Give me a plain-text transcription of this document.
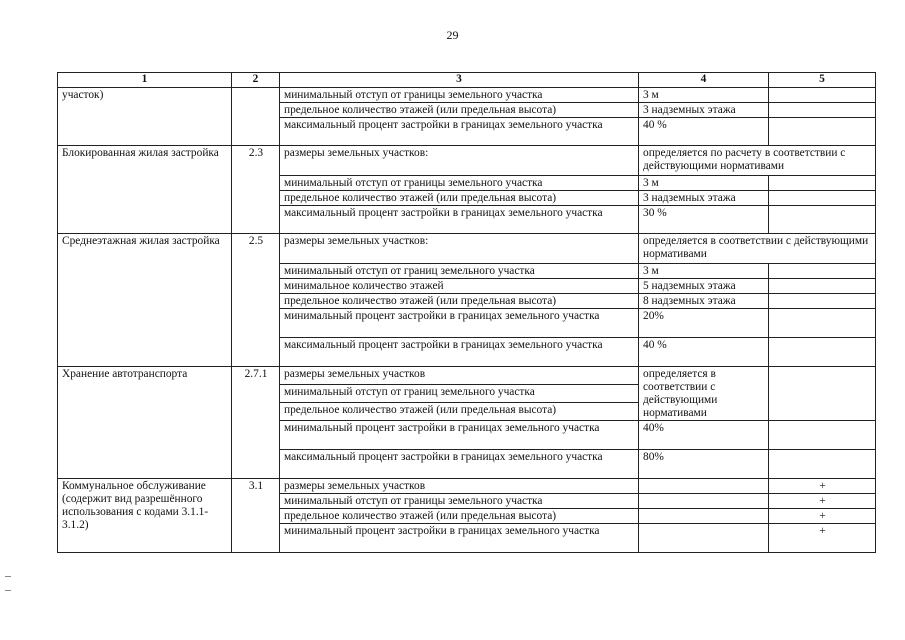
29
1	2	3	4	5
участок)		минимальный отступ от границы земельного участка	3 м	
		предельное количество этажей (или предельная высота)	3 надземных этажа	
		максимальный процент застройки в границах земельного участка	40 %	
Блокированная жилая застройка	2.3	размеры земельных участков:	определяется по расчету в соответствии с действующими нормативами	
		минимальный отступ от границы земельного участка	3 м	
		предельное количество этажей (или предельная высота)	3 надземных этажа	
		максимальный процент застройки в границах земельного участка	30 %	
Среднеэтажная жилая застройка	2.5	размеры земельных участков:	определяется в соответствии с действующими нормативами	
		минимальный отступ от границ земельного участка	3 м	
		минимальное количество этажей	5 надземных этажа	
		предельное количество этажей (или предельная высота)	8 надземных этажа	
		минимальный процент застройки в границах земельного участка	20%	
		максимальный процент застройки в границах земельного участка	40 %	
Хранение автотранспорта	2.7.1	размеры земельных участков	определяется в соответствии с действующими нормативами	
		минимальный отступ от границ земельного участка		
		предельное количество этажей (или предельная высота)		
		минимальный процент застройки в границах земельного участка	40%	
		максимальный процент застройки в границах земельного участка	80%	
Коммунальное обслуживание (содержит вид разрешённого использования с кодами 3.1.1-3.1.2)	3.1	размеры земельных участков		+
		минимальный отступ от границы земельного участка		+
		предельное количество этажей (или предельная высота)		+
		минимальный процент застройки в границах земельного участка		+
